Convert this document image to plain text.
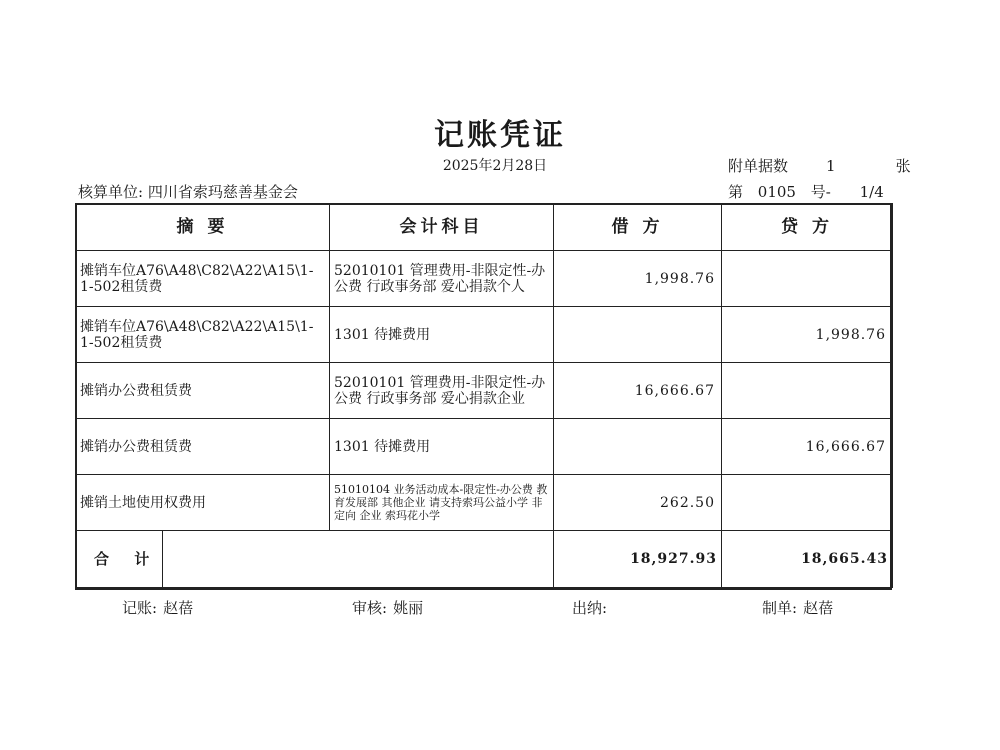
记账凭证
2025年2月28日	附单据数	1	张
核算单位: 四川省索玛慈善基金会	第 0105 号- 1/4
摘 要	会计科目	借 方	贷 方
摊销车位A76\A48\C82\A22\A15\1-1-502租赁费	52010101 管理费用-非限定性-办公费 行政事务部 爱心捐款个人	1,998.76	
摊销车位A76\A48\C82\A22\A15\1-1-502租赁费	1301 待摊费用		1,998.76
摊销办公费租赁费	52010101 管理费用-非限定性-办公费 行政事务部 爱心捐款企业	16,666.67	
摊销办公费租赁费	1301 待摊费用		16,666.67
摊销土地使用权费用	51010104 业务活动成本-限定性-办公费 教育发展部 其他企业 请支持索玛公益小学 非定向 企业 索玛花小学	262.50	
合 计		18,927.93	18,665.43
记账: 赵蓓	审核: 姚丽	出纳:	制单: 赵蓓
